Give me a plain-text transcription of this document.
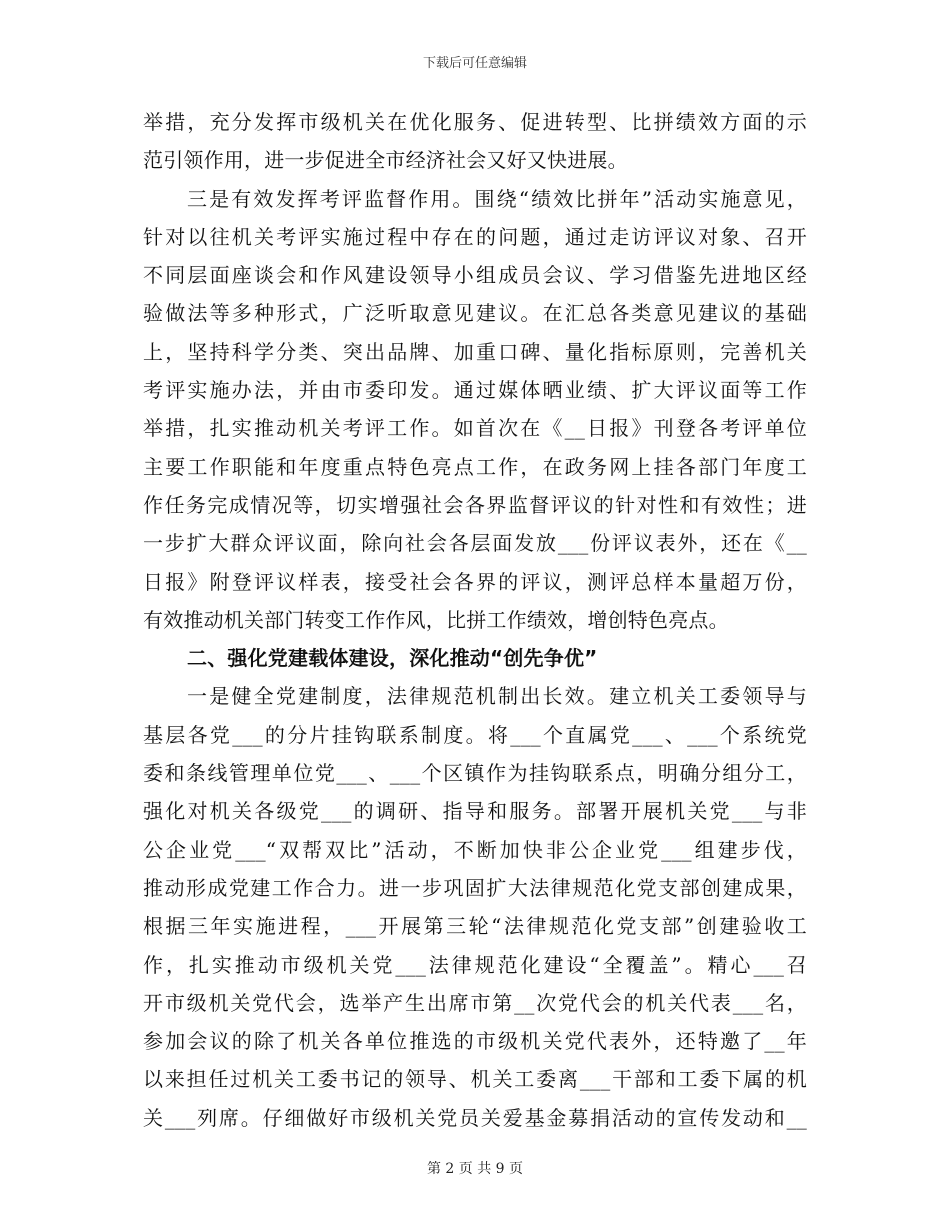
下载后可任意编辑
举措，充分发挥市级机关在优化服务、促进转型、比拼绩效方面的示
范引领作用，进一步促进全市经济社会又好又快进展。
三是有效发挥考评监督作用。围绕“绩效比拼年”活动实施意见，
针对以往机关考评实施过程中存在的问题，通过走访评议对象、召开
不同层面座谈会和作风建设领导小组成员会议、学习借鉴先进地区经
验做法等多种形式，广泛听取意见建议。在汇总各类意见建议的基础
上，坚持科学分类、突出品牌、加重口碑、量化指标原则，完善机关
考评实施办法，并由市委印发。通过媒体晒业绩、扩大评议面等工作
举措，扎实推动机关考评工作。如首次在《__日报》刊登各考评单位
主要工作职能和年度重点特色亮点工作，在政务网上挂各部门年度工
作任务完成情况等，切实增强社会各界监督评议的针对性和有效性；进
一步扩大群众评议面，除向社会各层面发放___份评议表外，还在《__
日报》附登评议样表，接受社会各界的评议，测评总样本量超万份，
有效推动机关部门转变工作作风，比拼工作绩效，增创特色亮点。
二、强化党建载体建设，深化推动“创先争优”
一是健全党建制度，法律规范机制出长效。建立机关工委领导与
基层各党___的分片挂钩联系制度。将___个直属党___、___个系统党
委和条线管理单位党___、___个区镇作为挂钩联系点，明确分组分工，
强化对机关各级党___的调研、指导和服务。部署开展机关党___与非
公企业党___“双帮双比”活动，不断加快非公企业党___组建步伐，
推动形成党建工作合力。进一步巩固扩大法律规范化党支部创建成果，
根据三年实施进程，___开展第三轮“法律规范化党支部”创建验收工
作，扎实推动市级机关党___法律规范化建设“全覆盖”。精心___召
开市级机关党代会，选举产生出席市第__次党代会的机关代表___名，
参加会议的除了机关各单位推选的市级机关党代表外，还特邀了__年
以来担任过机关工委书记的领导、机关工委离___干部和工委下属的机
关___列席。仔细做好市级机关党员关爱基金募捐活动的宣传发动和__
第 2 页 共 9 页
